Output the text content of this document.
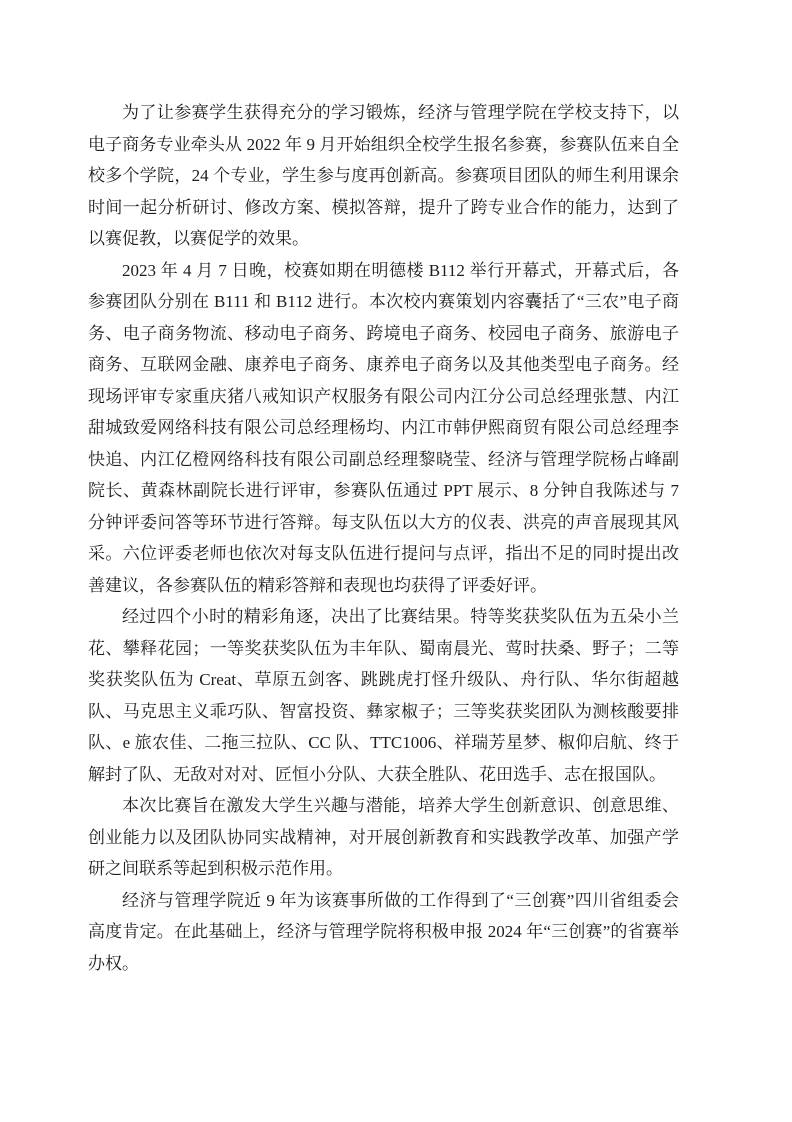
为了让参赛学生获得充分的学习锻炼，经济与管理学院在学校支持下，以电子商务专业牵头从 2022 年 9 月开始组织全校学生报名参赛，参赛队伍来自全校多个学院，24 个专业，学生参与度再创新高。参赛项目团队的师生利用课余时间一起分析研讨、修改方案、模拟答辩，提升了跨专业合作的能力，达到了以赛促教，以赛促学的效果。

2023 年 4 月 7 日晚，校赛如期在明德楼 B112 举行开幕式，开幕式后，各参赛团队分别在 B111 和 B112 进行。本次校内赛策划内容囊括了“三农”电子商务、电子商务物流、移动电子商务、跨境电子商务、校园电子商务、旅游电子商务、互联网金融、康养电子商务、康养电子商务以及其他类型电子商务。经现场评审专家重庆猪八戒知识产权服务有限公司内江分公司总经理张慧、内江甜城致爱网络科技有限公司总经理杨均、内江市韩伊熙商贸有限公司总经理李快追、内江亿橙网络科技有限公司副总经理黎晓莹、经济与管理学院杨占峰副院长、黄森林副院长进行评审，参赛队伍通过 PPT 展示、8 分钟自我陈述与 7 分钟评委问答等环节进行答辩。每支队伍以大方的仪表、洪亮的声音展现其风采。六位评委老师也依次对每支队伍进行提问与点评，指出不足的同时提出改善建议，各参赛队伍的精彩答辩和表现也均获得了评委好评。

经过四个小时的精彩角逐，决出了比赛结果。特等奖获奖队伍为五朵小兰花、攀释花园；一等奖获奖队伍为丰年队、蜀南晨光、莺时扶桑、野子；二等奖获奖队伍为 Creat、草原五剑客、跳跳虎打怪升级队、舟行队、华尔街超越队、马克思主义乖巧队、智富投资、彝家椒子；三等奖获奖团队为测核酸要排队、e 旅农佳、二拖三拉队、CC 队、TTC1006、祥瑞芳星梦、椒仰启航、终于解封了队、无敌对对对、匠恒小分队、大获全胜队、花田选手、志在报国队。

本次比赛旨在激发大学生兴趣与潜能，培养大学生创新意识、创意思维、创业能力以及团队协同实战精神，对开展创新教育和实践教学改革、加强产学研之间联系等起到积极示范作用。

经济与管理学院近 9 年为该赛事所做的工作得到了“三创赛”四川省组委会高度肯定。在此基础上，经济与管理学院将积极申报 2024 年“三创赛”的省赛举办权。
